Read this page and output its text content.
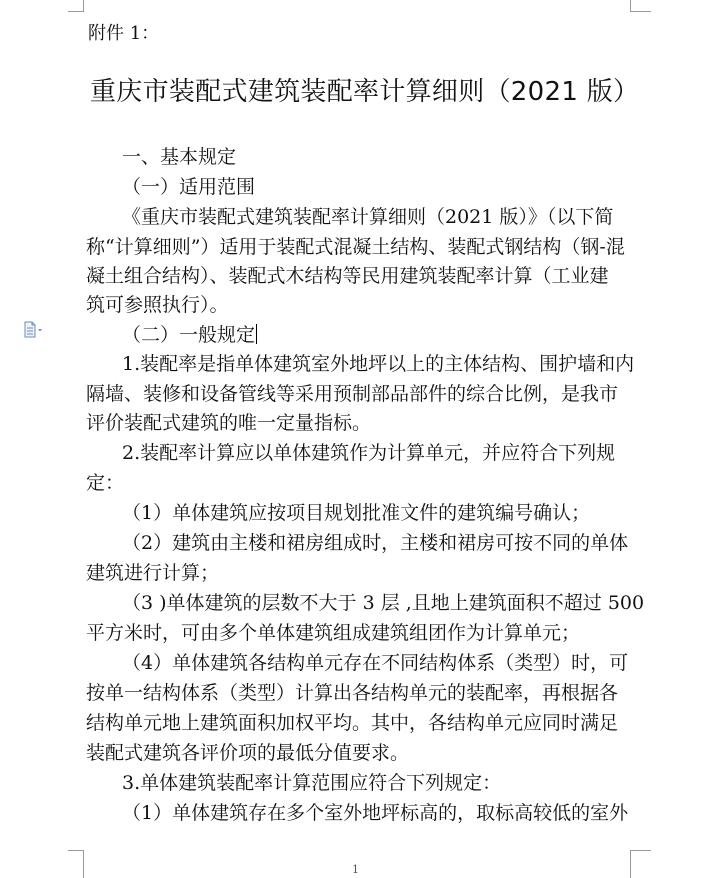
附件 1：
重庆市装配式建筑装配率计算细则（2021 版）
一、基本规定
（一）适用范围
《重庆市装配式建筑装配率计算细则（2021 版）》（以下简
称“计算细则”）适用于装配式混凝土结构、装配式钢结构（钢-混
凝土组合结构）、装配式木结构等民用建筑装配率计算（工业建
筑可参照执行）。
（二）一般规定
1.装配率是指单体建筑室外地坪以上的主体结构、围护墙和内
隔墙、装修和设备管线等采用预制部品部件的综合比例，是我市
评价装配式建筑的唯一定量指标。
2.装配率计算应以单体建筑作为计算单元，并应符合下列规
定：
（1）单体建筑应按项目规划批准文件的建筑编号确认；
（2）建筑由主楼和裙房组成时，主楼和裙房可按不同的单体
建筑进行计算；
（3 )单体建筑的层数不大于 3 层 ,且地上建筑面积不超过 500
平方米时，可由多个单体建筑组成建筑组团作为计算单元；
（4）单体建筑各结构单元存在不同结构体系（类型）时，可
按单一结构体系（类型）计算出各结构单元的装配率，再根据各
结构单元地上建筑面积加权平均。其中，各结构单元应同时满足
装配式建筑各评价项的最低分值要求。
3.单体建筑装配率计算范围应符合下列规定：
（1）单体建筑存在多个室外地坪标高的，取标高较低的室外
1
